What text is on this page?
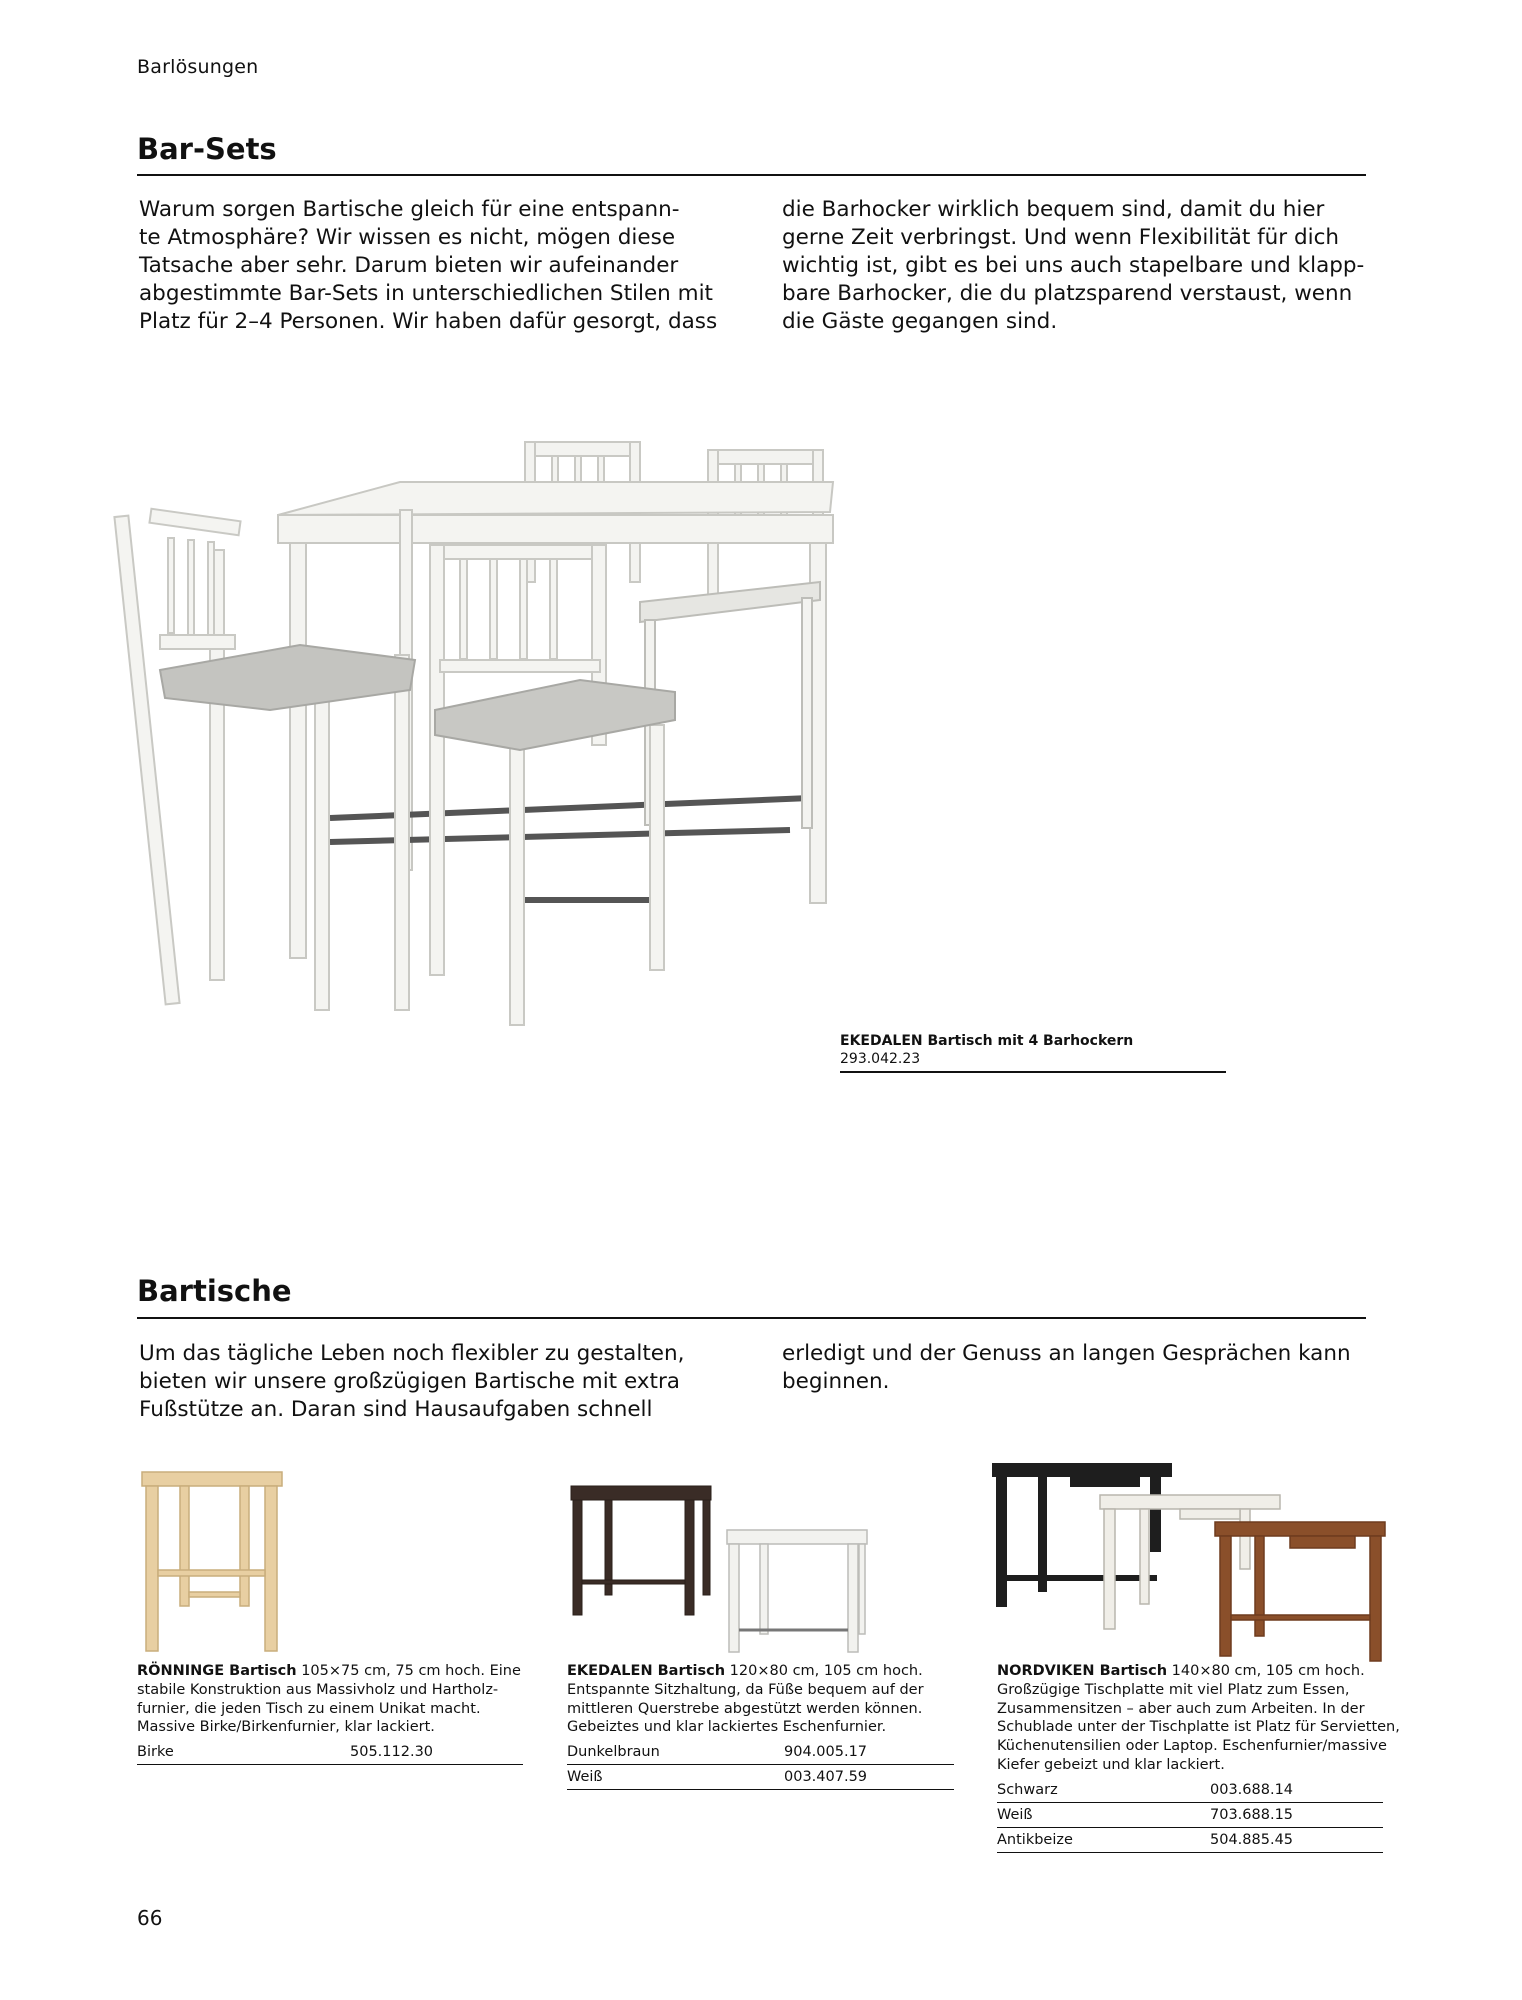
Barlösungen
Bar-Sets
Warum sorgen Bartische gleich für eine entspann-
te Atmosphäre? Wir wissen es nicht, mögen diese
Tatsache aber sehr. Darum bieten wir aufeinander
abgestimmte Bar-Sets in unterschiedlichen Stilen mit
Platz für 2–4 Personen. Wir haben dafür gesorgt, dass
die Barhocker wirklich bequem sind, damit du hier
gerne Zeit verbringst. Und wenn Flexibilität für dich
wichtig ist, gibt es bei uns auch stapelbare und klapp-
bare Barhocker, die du platzsparend verstaust, wenn
die Gäste gegangen sind.
EKEDALEN Bartisch mit 4 Barhockern
293.042.23
Bartische
Um das tägliche Leben noch flexibler zu gestalten,
bieten wir unsere großzügigen Bartische mit extra
Fußstütze an. Daran sind Hausaufgaben schnell
erledigt und der Genuss an langen Gesprächen kann
beginnen.
RÖNNINGE Bartisch 105×75 cm, 75 cm hoch. Eine
stabile Konstruktion aus Massivholz und Hartholz-
furnier, die jeden Tisch zu einem Unikat macht.
Massive Birke/Birkenfurnier, klar lackiert.
Birke	505.112.30
EKEDALEN Bartisch 120×80 cm, 105 cm hoch.
Entspannte Sitzhaltung, da Füße bequem auf der
mittleren Querstrebe abgestützt werden können.
Gebeiztes und klar lackiertes Eschenfurnier.
Dunkelbraun	904.005.17
Weiß	003.407.59
NORDVIKEN Bartisch 140×80 cm, 105 cm hoch.
Großzügige Tischplatte mit viel Platz zum Essen,
Zusammensitzen – aber auch zum Arbeiten. In der
Schublade unter der Tischplatte ist Platz für Servietten,
Küchenutensilien oder Laptop. Eschenfurnier/massive
Kiefer gebeizt und klar lackiert.
Schwarz	003.688.14
Weiß	703.688.15
Antikbeize	504.885.45
66
